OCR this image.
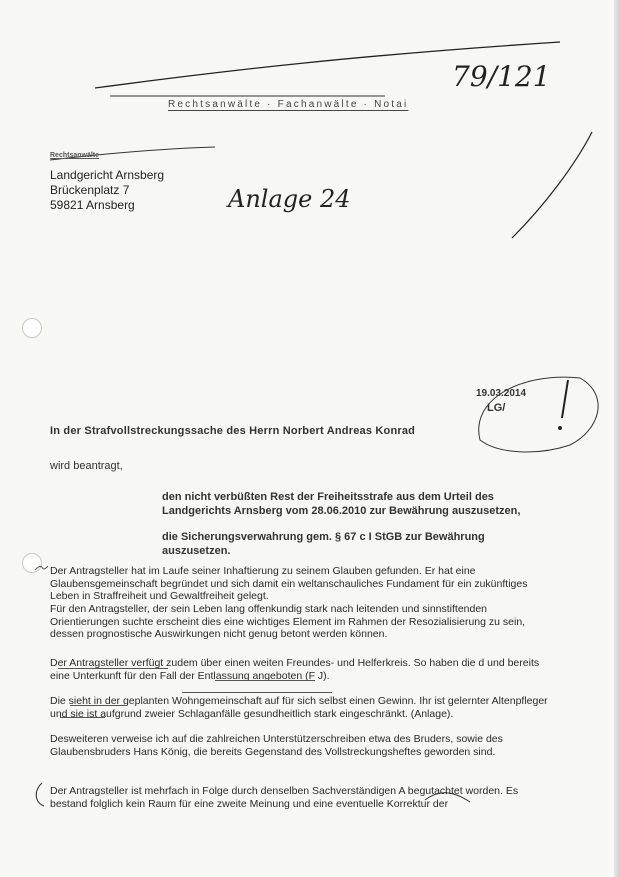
Rechtsanwälte · Fachanwälte · Notai
79/121
Rechtsanwälte
Landgericht Arnsberg
Brückenplatz 7
59821 Arnsberg	Anlage 24
19.03.2014
LG/
In der Strafvollstreckungssache des Herrn Norbert Andreas Konrad
wird beantragt,
den nicht verbüßten Rest der Freiheitsstrafe aus dem Urteil des Landgerichts Arnsberg vom 28.06.2010 zur Bewährung auszusetzen,
die Sicherungsverwahrung gem. § 67 c I StGB zur Bewährung auszusetzen.
Der Antragsteller hat im Laufe seiner Inhaftierung zu seinem Glauben gefunden. Er hat eine Glaubensgemeinschaft begründet und sich damit ein weltanschauliches Fundament für ein zukünftiges Leben in Straffreiheit und Gewaltfreiheit gelegt.
Für den Antragsteller, der sein Leben lang offenkundig stark nach leitenden und sinnstiftenden Orientierungen suchte erscheint dies eine wichtiges Element im Rahmen der Resozialisierung zu sein, dessen prognostische Auswirkungen nicht genug betont werden können.
Der Antragsteller verfügt zudem über einen weiten Freundes- und Helferkreis. So haben die d und bereits eine Unterkunft für den Fall der Entlassung angeboten (F J).
Die sieht in der geplanten Wohngemeinschaft auf für sich selbst einen Gewinn. Ihr ist gelernter Altenpfleger und sie ist aufgrund zweier Schlaganfälle gesundheitlich stark eingeschränkt. (Anlage).
Desweiteren verweise ich auf die zahlreichen Unterstützerschreiben etwa des Bruders, sowie des Glaubensbruders Hans König, die bereits Gegenstand des Vollstreckungsheftes geworden sind.
Der Antragsteller ist mehrfach in Folge durch denselben Sachverständigen A begutachtet worden. Es bestand folglich kein Raum für eine zweite Meinung und eine eventuelle Korrektur der
